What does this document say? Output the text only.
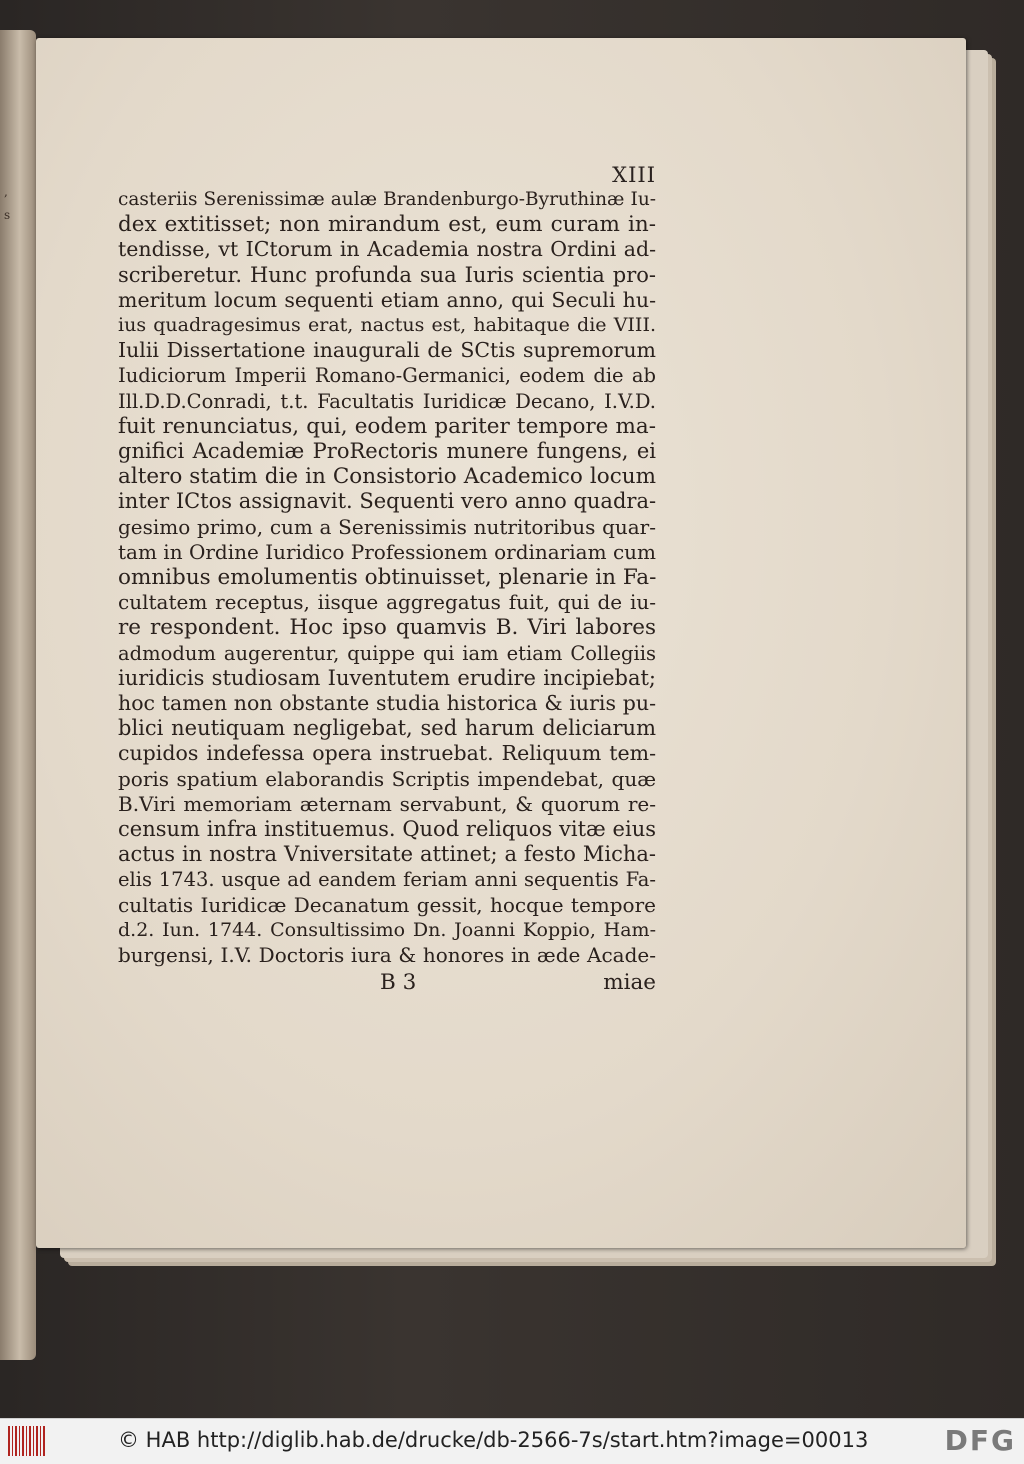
,
s
XIII
casteriis Serenissimæ aulæ Brandenburgo-Byruthinæ Iu-
dex extitisset; non mirandum est, eum curam in-
tendisse, vt ICtorum in Academia nostra Ordini ad-
scriberetur. Hunc profunda sua Iuris scientia pro-
meritum locum sequenti etiam anno, qui Seculi hu-
ius quadragesimus erat, nactus est, habitaque die VIII.
Iulii Dissertatione inaugurali de SCtis supremorum
Iudiciorum Imperii Romano-Germanici, eodem die ab
Ill.D.D.Conradi, t.t. Facultatis Iuridicæ Decano, I.V.D.
fuit renunciatus, qui, eodem pariter tempore ma-
gnifici Academiæ ProRectoris munere fungens, ei
altero statim die in Consistorio Academico locum
inter ICtos assignavit. Sequenti vero anno quadra-
gesimo primo, cum a Serenissimis nutritoribus quar-
tam in Ordine Iuridico Professionem ordinariam cum
omnibus emolumentis obtinuisset, plenarie in Fa-
cultatem receptus, iisque aggregatus fuit, qui de iu-
re respondent. Hoc ipso quamvis B. Viri labores
admodum augerentur, quippe qui iam etiam Collegiis
iuridicis studiosam Iuventutem erudire incipiebat;
hoc tamen non obstante studia historica & iuris pu-
blici neutiquam negligebat, sed harum deliciarum
cupidos indefessa opera instruebat. Reliquum tem-
poris spatium elaborandis Scriptis impendebat, quæ
B.Viri memoriam æternam servabunt, & quorum re-
censum infra instituemus. Quod reliquos vitæ eius
actus in nostra Vniversitate attinet; a festo Micha-
elis 1743. usque ad eandem feriam anni sequentis Fa-
cultatis Iuridicæ Decanatum gessit, hocque tempore
d.2. Iun. 1744. Consultissimo Dn. Joanni Koppio, Ham-
burgensi, I.V. Doctoris iura & honores in æde Acade-
B 3	miae
© HAB http://diglib.hab.de/drucke/db-2566-7s/start.htm?image=00013	DFG
